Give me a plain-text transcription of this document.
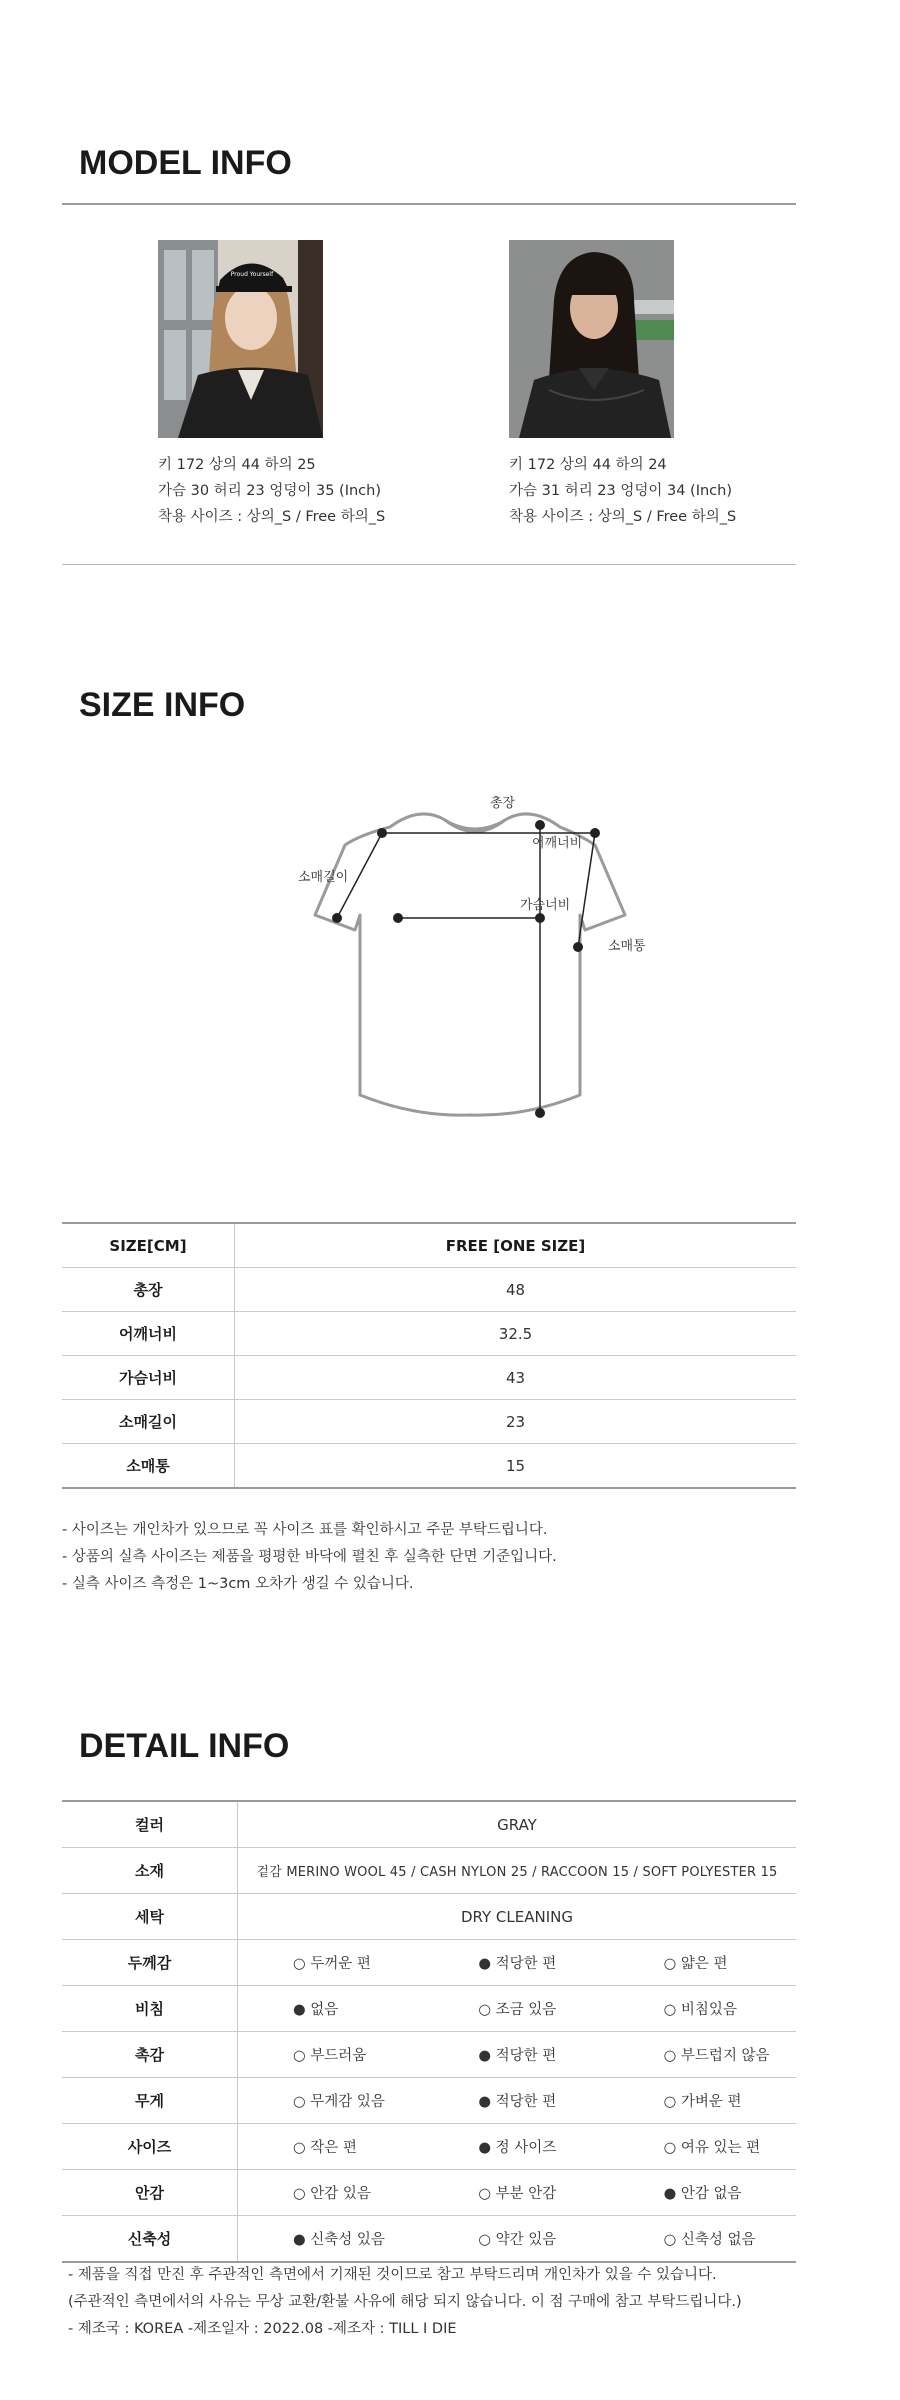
MODEL INFO
Proud Yourself
키 172 상의 44 하의 25
가슴 30 허리 23 엉덩이 35 (Inch)
착용 사이즈 : 상의_S / Free 하의_S
키 172 상의 44 하의 24
가슴 31 허리 23 엉덩이 34 (Inch)
착용 사이즈 : 상의_S / Free 하의_S
SIZE INFO
총장
어깨너비
소매길이
가슴너비
소매통
SIZE[CM]	FREE [ONE SIZE]
총장	48
어깨너비	32.5
가슴너비	43
소매길이	23
소매통	15
- 사이즈는 개인차가 있으므로 꼭 사이즈 표를 확인하시고 주문 부탁드립니다.
- 상품의 실측 사이즈는 제품을 평평한 바닥에 펼친 후 실측한 단면 기준입니다.
- 실측 사이즈 측정은 1~3cm 오차가 생길 수 있습니다.
DETAIL INFO
컬러	GRAY
소재	겉감 MERINO WOOL 45 / CASH NYLON 25 / RACCOON 15 / SOFT POLYESTER 15
세탁	DRY CLEANING
두께감	○ 두꺼운 편 ● 적당한 편 ○ 얇은 편

비침	● 없음 ○ 조금 있음 ○ 비침있음

촉감	○ 부드러움 ● 적당한 편 ○ 부드럽지 않음

무게	○ 무게감 있음 ● 적당한 편 ○ 가벼운 편

사이즈	○ 작은 편 ● 정 사이즈 ○ 여유 있는 편

안감	○ 안감 있음 ○ 부분 안감 ● 안감 없음

신축성	● 신축성 있음 ○ 약간 있음 ○ 신축성 없음
- 제품을 직접 만진 후 주관적인 측면에서 기재된 것이므로 참고 부탁드리며 개인차가 있을 수 있습니다.
(주관적인 측면에서의 사유는 무상 교환/환불 사유에 해당 되지 않습니다. 이 점 구매에 참고 부탁드립니다.)
- 제조국 : KOREA -제조일자 : 2022.08 -제조자 : TILL I DIE
